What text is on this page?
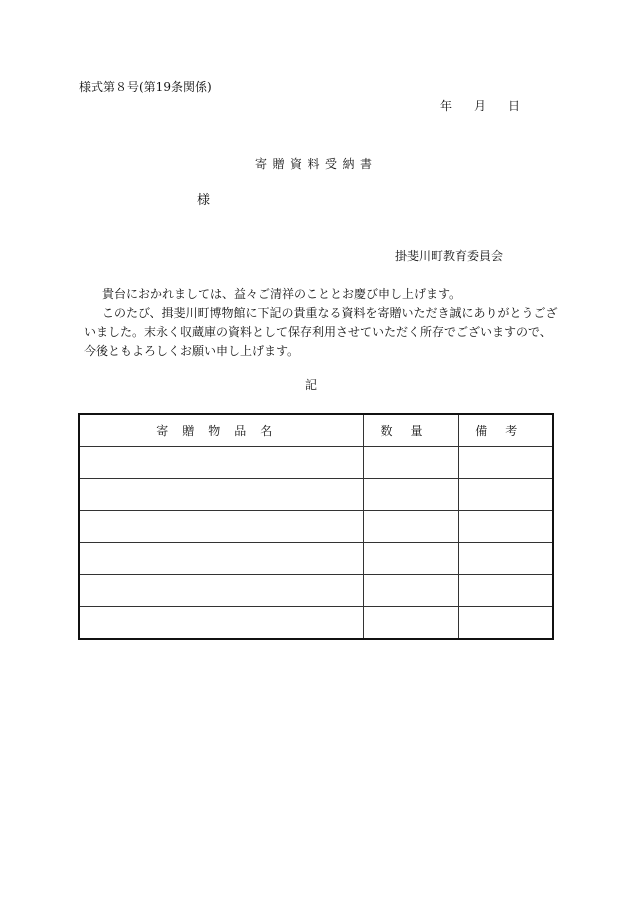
様式第８号(第19条関係)
年 月 日
寄贈資料受納書
様
掛斐川町教育委員会
貴台におかれましては、益々ご清祥のこととお慶び申し上げます。
このたび、揖斐川町博物館に下記の貴重なる資料を寄贈いただき誠にありがとうござ
いました。末永く収蔵庫の資料として保存利用させていただく所存でございますので、
今後ともよろしくお願い申し上げます。
記
寄贈物品名	数量	備考
